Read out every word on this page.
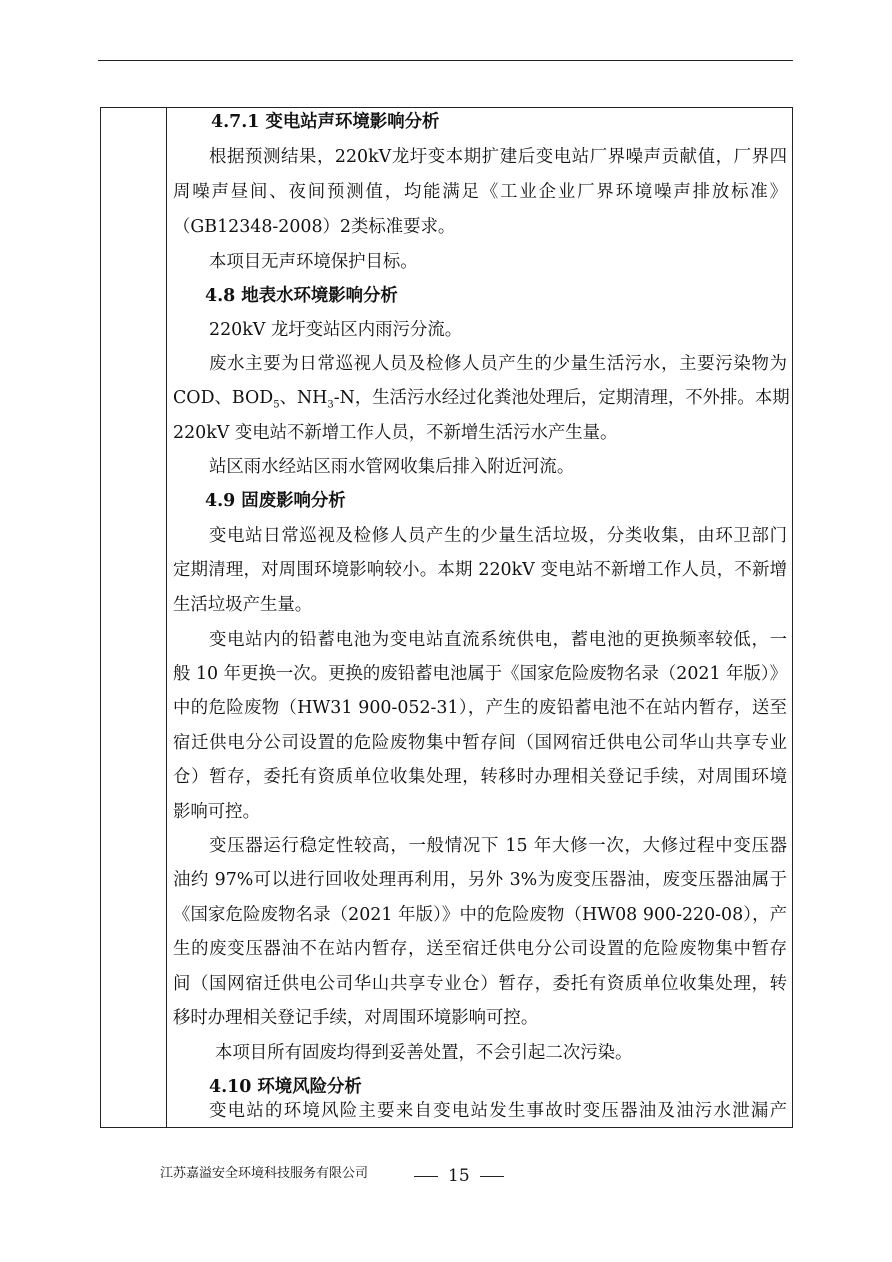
4.7.1 变电站声环境影响分析
根据预测结果，220kV龙圩变本期扩建后变电站厂界噪声贡献值，厂界四
周噪声昼间、夜间预测值，均能满足《工业企业厂界环境噪声排放标准》
（GB12348-2008）2类标准要求。
本项目无声环境保护目标。
4.8 地表水环境影响分析
220kV 龙圩变站区内雨污分流。
废水主要为日常巡视人员及检修人员产生的少量生活污水，主要污染物为
COD、$BOD_5$、$NH_3-N$，生活污水经过化粪池处理后，定期清理，不外排。本期
220kV 变电站不新增工作人员，不新增生活污水产生量。
站区雨水经站区雨水管网收集后排入附近河流。
4.9 固废影响分析
变电站日常巡视及检修人员产生的少量生活垃圾，分类收集，由环卫部门
定期清理，对周围环境影响较小。本期 220kV 变电站不新增工作人员，不新增
生活垃圾产生量。
变电站内的铅蓄电池为变电站直流系统供电，蓄电池的更换频率较低，一
般 10 年更换一次。更换的废铅蓄电池属于《国家危险废物名录（2021 年版）》
中的危险废物（HW31 900-052-31），产生的废铅蓄电池不在站内暂存，送至
宿迁供电分公司设置的危险废物集中暂存间（国网宿迁供电公司华山共享专业
仓）暂存，委托有资质单位收集处理，转移时办理相关登记手续，对周围环境
影响可控。
变压器运行稳定性较高，一般情况下 15 年大修一次，大修过程中变压器
油约 97%可以进行回收处理再利用，另外 3%为废变压器油，废变压器油属于
《国家危险废物名录（2021 年版）》中的危险废物（HW08 900-220-08），产
生的废变压器油不在站内暂存，送至宿迁供电分公司设置的危险废物集中暂存
间（国网宿迁供电公司华山共享专业仓）暂存，委托有资质单位收集处理，转
移时办理相关登记手续，对周围环境影响可控。
本项目所有固废均得到妥善处置，不会引起二次污染。
4.10 环境风险分析
变电站的环境风险主要来自变电站发生事故时变压器油及油污水泄漏产
江苏嘉溢安全环境科技服务有限公司	15
